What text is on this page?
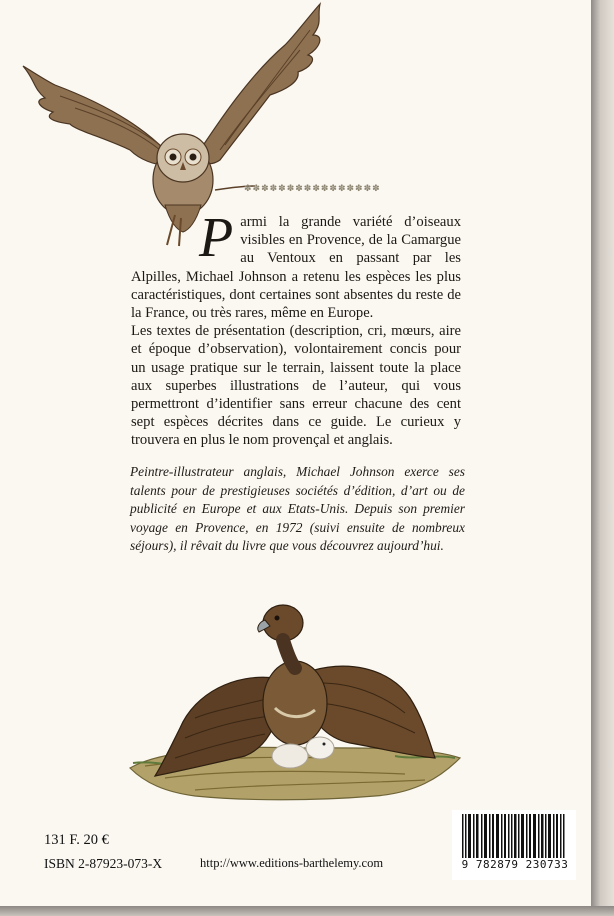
✽✽✽✽✽✽✽✽✽✽✽✽✽✽✽✽

Parmi la grande variété d’oiseaux visibles en Provence, de la Camargue au Ventoux en passant par les Alpilles, Michael Johnson a retenu les espèces les plus caractéristiques, dont certaines sont absentes du reste de la France, ou très rares, même en Europe.

Les textes de présentation (description, cri, mœurs, aire et époque d’observation), volontairement concis pour un usage pratique sur le terrain, laissent toute la place aux superbes illustrations de l’auteur, qui vous permettront d’identifier sans erreur chacune des cent sept espèces décrites dans ce guide. Le curieux y trouvera en plus le nom provençal et anglais.

Peintre-illustrateur anglais, Michael Johnson exerce ses talents pour de prestigieuses sociétés d’édition, d’art ou de publicité en Europe et aux Etats-Unis. Depuis son premier voyage en Provence, en 1972 (suivi ensuite de nombreux séjours), il rêvait du livre que vous découvrez aujourd’hui.
131 F. 20 €
ISBN 2-87923-073-X	http://www.editions-barthelemy.com	9 782879 230733
